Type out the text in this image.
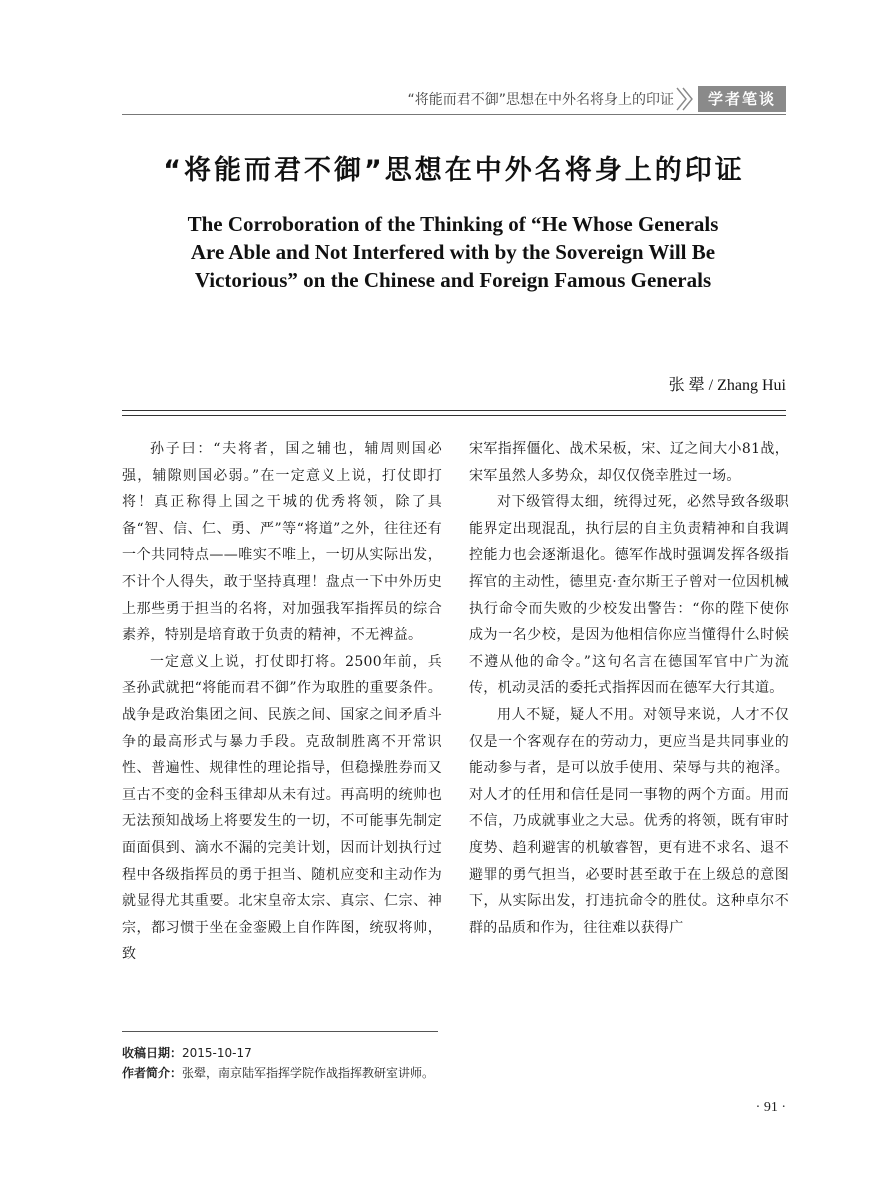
“将能而君不御”思想在中外名将身上的印证	学者笔谈
“将能而君不御”思想在中外名将身上的印证
The Corroboration of the Thinking of “He Whose Generals
Are Able and Not Interfered with by the Sovereign Will Be
Victorious” on the Chinese and Foreign Famous Generals
张 翚 / Zhang Hui

孙子曰：“夫将者，国之辅也，辅周则国必强，辅隙则国必弱。”在一定意义上说，打仗即打将！真正称得上国之干城的优秀将领，除了具备“智、信、仁、勇、严”等“将道”之外，往往还有一个共同特点——唯实不唯上，一切从实际出发，不计个人得失，敢于坚持真理！盘点一下中外历史上那些勇于担当的名将，对加强我军指挥员的综合素养，特别是培育敢于负责的精神，不无裨益。

一定意义上说，打仗即打将。2500年前，兵圣孙武就把“将能而君不御”作为取胜的重要条件。战争是政治集团之间、民族之间、国家之间矛盾斗争的最高形式与暴力手段。克敌制胜离不开常识性、普遍性、规律性的理论指导，但稳操胜券而又亘古不变的金科玉律却从未有过。再高明的统帅也无法预知战场上将要发生的一切，不可能事先制定面面俱到、滴水不漏的完美计划，因而计划执行过程中各级指挥员的勇于担当、随机应变和主动作为就显得尤其重要。北宋皇帝太宗、真宗、仁宗、神宗，都习惯于坐在金銮殿上自作阵图，统驭将帅，致

宋军指挥僵化、战术呆板，宋、辽之间大小81战，宋军虽然人多势众，却仅仅侥幸胜过一场。

对下级管得太细，统得过死，必然导致各级职能界定出现混乱，执行层的自主负责精神和自我调控能力也会逐渐退化。德军作战时强调发挥各级指挥官的主动性，德里克·查尔斯王子曾对一位因机械执行命令而失败的少校发出警告：“你的陛下使你成为一名少校，是因为他相信你应当懂得什么时候不遵从他的命令。”这句名言在德国军官中广为流传，机动灵活的委托式指挥因而在德军大行其道。

用人不疑，疑人不用。对领导来说，人才不仅仅是一个客观存在的劳动力，更应当是共同事业的能动参与者，是可以放手使用、荣辱与共的袍泽。对人才的任用和信任是同一事物的两个方面。用而不信，乃成就事业之大忌。优秀的将领，既有审时度势、趋利避害的机敏睿智，更有进不求名、退不避罪的勇气担当，必要时甚至敢于在上级总的意图下，从实际出发，打违抗命令的胜仗。这种卓尔不群的品质和作为，往往难以获得广

收稿日期：2015-10-17
作者简介：张翚，南京陆军指挥学院作战指挥教研室讲师。
· 91 ·
